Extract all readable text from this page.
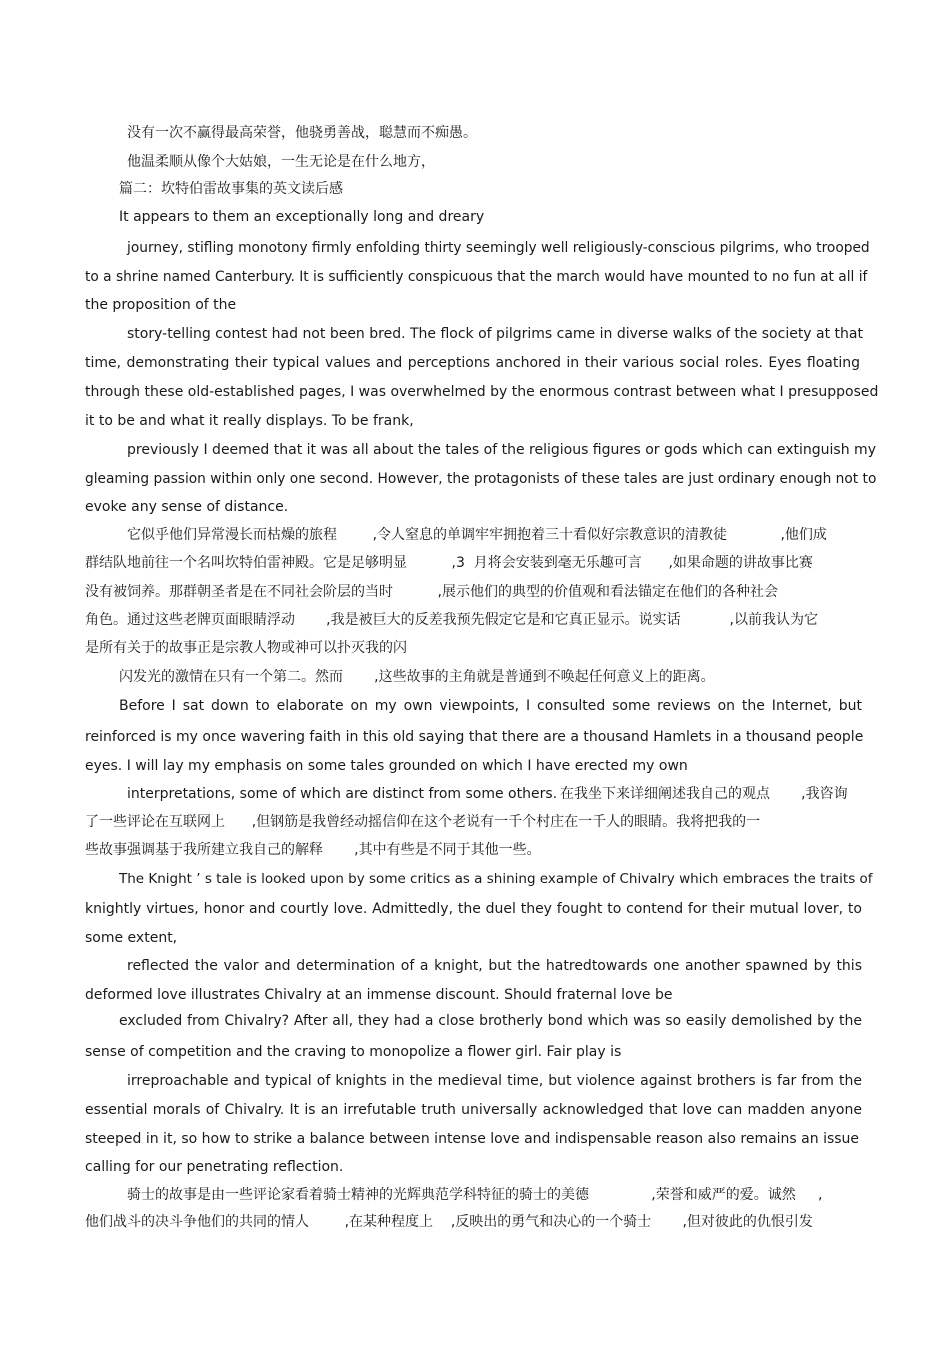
没有一次不赢得最高荣誉，他骁勇善战，聪慧而不痴愚。

他温柔顺从像个大姑娘，一生无论是在什么地方，

篇二：坎特伯雷故事集的英文读后感

It appears to them an exceptionally long and dreary

journey, stifling monotony firmly enfolding thirty seemingly well religiously-conscious pilgrims, who trooped

to a shrine named Canterbury. It is sufficiently conspicuous that the march would have mounted to no fun at all if

the proposition of the

story-telling contest had not been bred. The flock of pilgrims came in diverse walks of the society at that

time, demonstrating their typical values and perceptions anchored in their various social roles. Eyes floating

through these old-established pages, I was overwhelmed by the enormous contrast between what I presupposed

it to be and what it really displays. To be frank,

previously I deemed that it was all about the tales of the religious figures or gods which can extinguish my

gleaming passion within only one second. However, the protagonists of these tales are just ordinary enough not to

evoke any sense of distance.

它似乎他们异常漫长而枯燥的旅程        ,令人窒息的单调牢牢拥抱着三十看似好宗教意识的清教徒            ,他们成

群结队地前往一个名叫坎特伯雷神殿。它是足够明显          ,3  月将会安装到毫无乐趣可言      ,如果命题的讲故事比赛

没有被饲养。那群朝圣者是在不同社会阶层的当时          ,展示他们的典型的价值观和看法锚定在他们的各种社会

角色。通过这些老牌页面眼睛浮动       ,我是被巨大的反差我预先假定它是和它真正显示。说实话           ,以前我认为它

是所有关于的故事正是宗教人物或神可以扑灭我的闪

闪发光的激情在只有一个第二。然而       ,这些故事的主角就是普通到不唤起任何意义上的距离。

Before I sat down to elaborate on my own viewpoints, I consulted some reviews on the Internet, but

reinforced is my once wavering faith in this old saying that there are a thousand Hamlets in a thousand people

eyes. I will lay my emphasis on some tales grounded on which I have erected my own

interpretations, some of which are distinct from some others. 在我坐下来详细阐述我自己的观点       ,我咨询

了一些评论在互联网上      ,但钢筋是我曾经动摇信仰在这个老说有一千个村庄在一千人的眼睛。我将把我的一

些故事强调基于我所建立我自己的解释       ,其中有些是不同于其他一些。

The Knight ’ s tale is looked upon by some critics as a shining example of Chivalry which embraces the traits of

knightly virtues, honor and courtly love. Admittedly, the duel they fought to contend for their mutual lover, to

some extent,

reflected the valor and determination of a knight, but the hatredtowards one another spawned by this

deformed love illustrates Chivalry at an immense discount. Should fraternal love be

excluded from Chivalry? After all, they had a close brotherly bond which was so easily demolished by the

sense of competition and the craving to monopolize a flower girl. Fair play is

irreproachable and typical of knights in the medieval time, but violence against brothers is far from the

essential morals of Chivalry. It is an irrefutable truth universally acknowledged that love can madden anyone

steeped in it, so how to strike a balance between intense love and indispensable reason also remains an issue

calling for our penetrating reflection.

骑士的故事是由一些评论家看着骑士精神的光辉典范学科特征的骑士的美德              ,荣誉和威严的爱。诚然     ,

他们战斗的决斗争他们的共同的情人        ,在某种程度上    ,反映出的勇气和决心的一个骑士       ,但对彼此的仇恨引发
